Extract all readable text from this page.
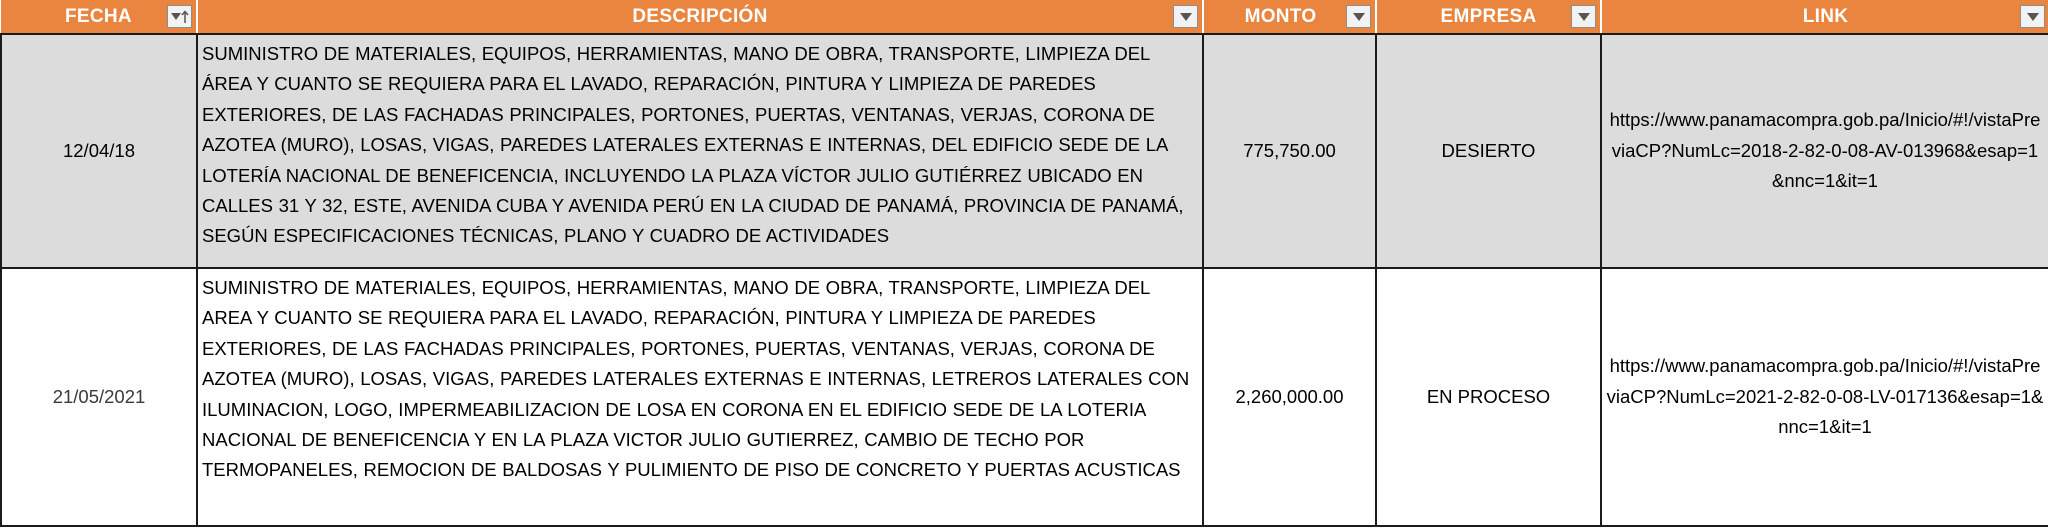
FECHA	DESCRIPCIÓN	MONTO	EMPRESA	LINK

12/04/18	SUMINISTRO DE MATERIALES, EQUIPOS, HERRAMIENTAS, MANO DE OBRA, TRANSPORTE, LIMPIEZA DEL ÁREA Y CUANTO SE REQUIERA PARA EL LAVADO, REPARACIÓN, PINTURA Y LIMPIEZA DE PAREDES EXTERIORES, DE LAS FACHADAS PRINCIPALES, PORTONES, PUERTAS, VENTANAS, VERJAS, CORONA DE AZOTEA (MURO), LOSAS, VIGAS, PAREDES LATERALES EXTERNAS E INTERNAS, DEL EDIFICIO SEDE DE LA LOTERÍA NACIONAL DE BENEFICENCIA, INCLUYENDO LA PLAZA VÍCTOR JULIO GUTIÉRREZ UBICADO EN CALLES 31 Y 32, ESTE, AVENIDA CUBA Y AVENIDA PERÚ EN LA CIUDAD DE PANAMÁ, PROVINCIA DE PANAMÁ, SEGÚN ESPECIFICACIONES TÉCNICAS, PLANO Y CUADRO DE ACTIVIDADES	775,750.00	DESIERTO	https://www.panamacompra.gob.pa/Inicio/#!/vistaPreviaCP?NumLc=2018-2-82-0-08-AV-013968&esap=1&nnc=1&it=1
21/05/2021	SUMINISTRO DE MATERIALES, EQUIPOS, HERRAMIENTAS, MANO DE OBRA, TRANSPORTE, LIMPIEZA DEL AREA Y CUANTO SE REQUIERA PARA EL LAVADO, REPARACIÓN, PINTURA Y LIMPIEZA DE PAREDES EXTERIORES, DE LAS FACHADAS PRINCIPALES, PORTONES, PUERTAS, VENTANAS, VERJAS, CORONA DE AZOTEA (MURO), LOSAS, VIGAS, PAREDES LATERALES EXTERNAS E INTERNAS, LETREROS LATERALES CON ILUMINACION, LOGO, IMPERMEABILIZACION DE LOSA EN CORONA EN EL EDIFICIO SEDE DE LA LOTERIA NACIONAL DE BENEFICENCIA Y EN LA PLAZA VICTOR JULIO GUTIERREZ, CAMBIO DE TECHO POR TERMOPANELES, REMOCION DE BALDOSAS Y PULIMIENTO DE PISO DE CONCRETO Y PUERTAS ACUSTICAS	2,260,000.00	EN PROCESO	https://www.panamacompra.gob.pa/Inicio/#!/vistaPreviaCP?NumLc=2021-2-82-0-08-LV-017136&esap=1&nnc=1&it=1
